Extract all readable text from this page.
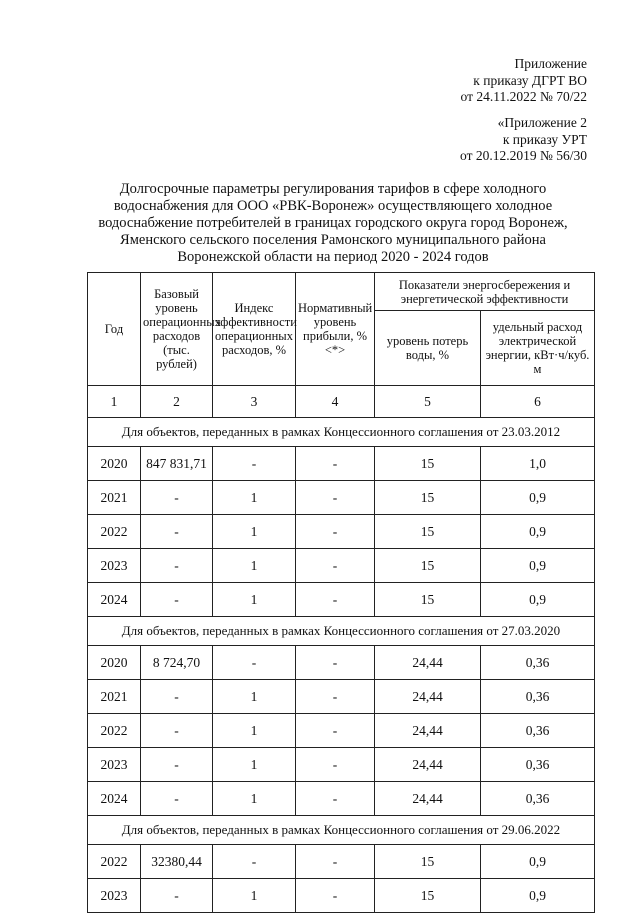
Приложение
к приказу ДГРТ ВО
от 24.11.2022 № 70/22
«Приложение 2
к приказу УРТ
от 20.12.2019 № 56/30
Долгосрочные параметры регулирования тарифов в сфере холодного
водоснабжения для ООО «РВК-Воронеж» осуществляющего холодное
водоснабжение потребителей в границах городского округа город Воронеж,
Яменского сельского поселения Рамонского муниципального района
Воронежской области на период 2020 - 2024 годов
Год	Базовый уровень операционных расходов (тыс. рублей)	Индекс эффективности операционных расходов, %	Нормативный уровень прибыли, % <*>	Показатели энергосбережения и энергетической эффективности	
				уровень потерь воды, %	удельный расход электрической энергии, кВт·ч/куб. м
1	2	3	4	5	6
Для объектов, переданных в рамках Концессионного соглашения от 23.03.2012					
2020	847 831,71	-	-	15	1,0
2021	-	1	-	15	0,9
2022	-	1	-	15	0,9
2023	-	1	-	15	0,9
2024	-	1	-	15	0,9
Для объектов, переданных в рамках Концессионного соглашения от 27.03.2020					
2020	8 724,70	-	-	24,44	0,36
2021	-	1	-	24,44	0,36
2022	-	1	-	24,44	0,36
2023	-	1	-	24,44	0,36
2024	-	1	-	24,44	0,36
Для объектов, переданных в рамках Концессионного соглашения от 29.06.2022					
2022	32380,44	-	-	15	0,9
2023	-	1	-	15	0,9
